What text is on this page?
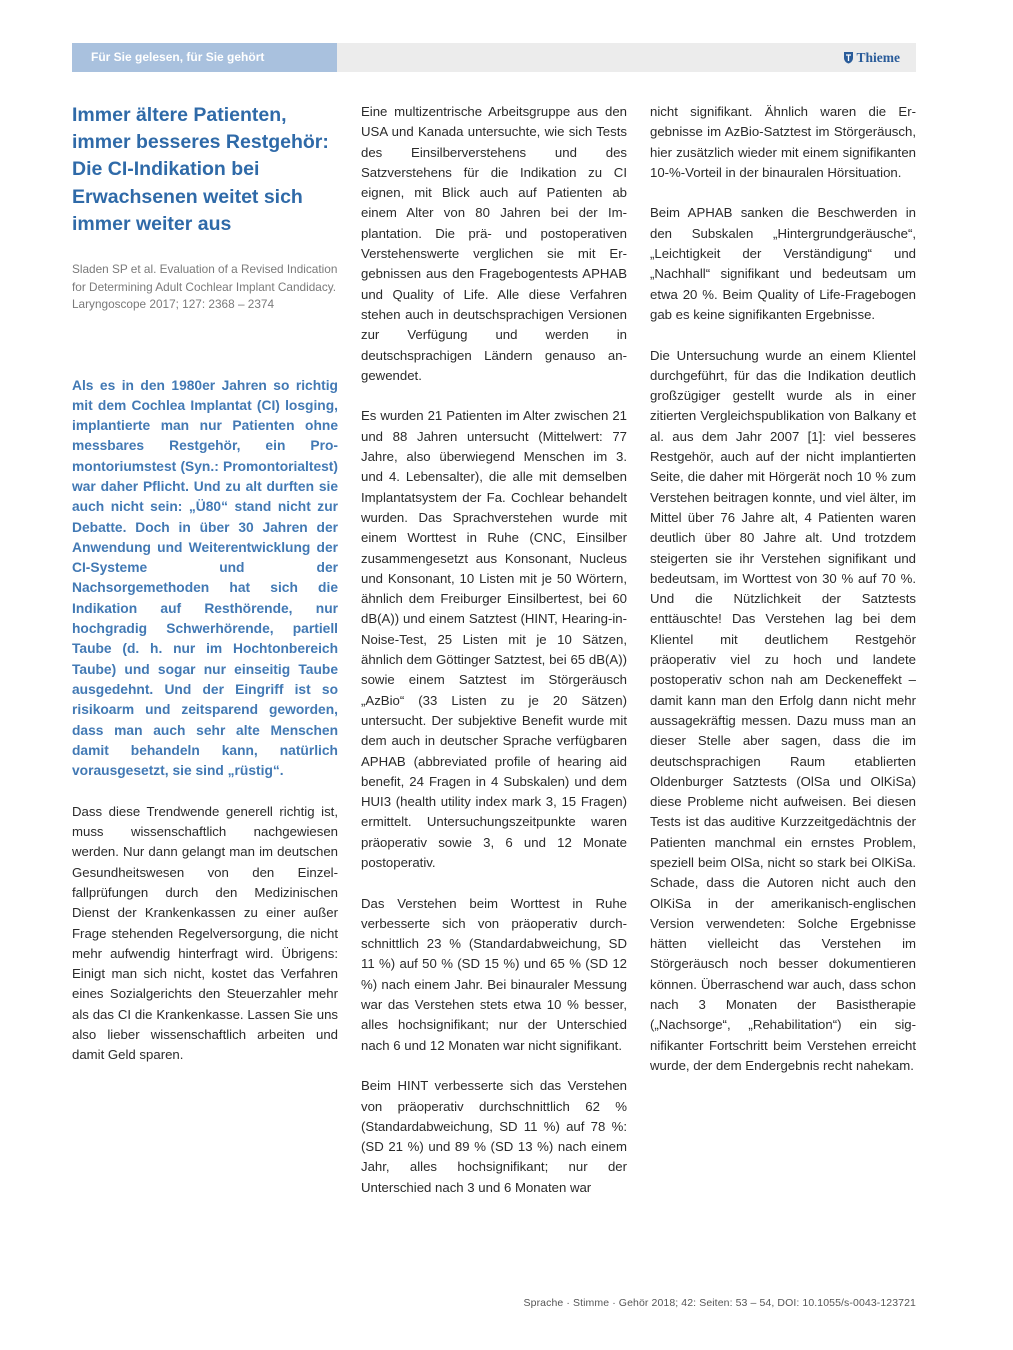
Für Sie gelesen, für Sie gehört	Thieme
Immer ältere Patienten, immer besseres Restgehör: Die CI-Indikation bei Erwachsenen weitet sich immer weiter aus
Sladen SP et al. Evaluation of a Revised Indication for Determining Adult Cochlear Implant Candidacy. Laryngoscope 2017; 127: 2368 – 2374

Als es in den 1980er Jahren so richtig mit dem Cochlea Implantat (CI) losging, implantierte man nur Patienten ohne messbares Restgehör, ein Promontoriumstest (Syn.: Promontorialtest) war daher Pflicht. Und zu alt durften sie auch nicht sein: „Ü80“ stand nicht zur Debatte. Doch in über 30 Jahren der Anwendung und Weiterentwicklung der CI-Systeme und der Nachsorgemethoden hat sich die Indikation auf Resthörende, nur hochgradig Schwerhörende, partiell Taube (d. h. nur im Hochtonbereich Taube) und sogar nur einseitig Taube ausgedehnt. Und der Eingriff ist so risikoarm und zeitsparend geworden, dass man auch sehr alte Menschen damit behandeln kann, natürlich vorausgesetzt, sie sind „rüstig“.

Dass diese Trendwende generell richtig ist, muss wissenschaftlich nachgewiesen werden. Nur dann gelangt man im deutschen Gesundheitswesen von den Einzelfallprüfungen durch den Medizinischen Dienst der Krankenkassen zu einer außer Frage stehenden Regelversorgung, die nicht mehr aufwendig hinterfragt wird. Übrigens: Einigt man sich nicht, kostet das Verfahren eines Sozialgerichts den Steuerzahler mehr als das CI die Krankenkasse. Lassen Sie uns also lieber wissenschaftlich arbeiten und damit Geld sparen.

Eine multizentrische Arbeitsgruppe aus den USA und Kanada untersuchte, wie sich Tests des Einsilberverstehens und des Satzverstehens für die Indikation zu CI eignen, mit Blick auch auf Patienten ab einem Alter von 80 Jahren bei der Implantation. Die prä- und postoperativen Verstehenswerte verglichen sie mit Ergebnissen aus den Fragebogentests APHAB und Quality of Life. Alle diese Verfahren stehen auch in deutschsprachigen Versionen zur Verfügung und werden in deutschsprachigen Ländern genauso angewendet.

Es wurden 21 Patienten im Alter zwischen 21 und 88 Jahren untersucht (Mittelwert: 77 Jahre, also überwiegend Menschen im 3. und 4. Lebensalter), die alle mit demselben Implantatsystem der Fa. Cochlear behandelt wurden. Das Sprachverstehen wurde mit einem Worttest in Ruhe (CNC, Einsilber zusammengesetzt aus Konsonant, Nucleus und Konsonant, 10 Listen mit je 50 Wörtern, ähnlich dem Freiburger Einsilbertest, bei 60 dB(A)) und einem Satztest (HINT, Hearing-in-Noise-Test, 25 Listen mit je 10 Sätzen, ähnlich dem Göttinger Satztest, bei 65 dB(A)) sowie einem Satztest im Störgeräusch „AzBio“ (33 Listen zu je 20 Sätzen) untersucht. Der subjektive Benefit wurde mit dem auch in deutscher Sprache verfügbaren APHAB (abbreviated profile of hearing aid benefit, 24 Fragen in 4 Subskalen) und dem HUI3 (health utility index mark 3, 15 Fragen) ermittelt. Untersuchungszeitpunkte waren präoperativ sowie 3, 6 und 12 Monate postoperativ.

Das Verstehen beim Worttest in Ruhe verbesserte sich von präoperativ durchschnittlich 23 % (Standardabweichung, SD 11 %) auf 50 % (SD 15 %) und 65 % (SD 12 %) nach einem Jahr. Bei binauraler Messung war das Verstehen stets etwa 10 % besser, alles hochsignifikant; nur der Unterschied nach 6 und 12 Monaten war nicht signifikant.

Beim HINT verbesserte sich das Verstehen von präoperativ durchschnittlich 62 % (Standardabweichung, SD 11 %) auf 78 %: (SD 21 %) und 89 % (SD 13 %) nach einem Jahr, alles hochsignifikant; nur der Unterschied nach 3 und 6 Monaten war

nicht signifikant. Ähnlich waren die Ergebnisse im AzBio-Satztest im Störgeräusch, hier zusätzlich wieder mit einem signifikanten 10-%-Vorteil in der binauralen Hörsituation.

Beim APHAB sanken die Beschwerden in den Subskalen „Hintergrundgeräusche“, „Leichtigkeit der Verständigung“ und „Nachhall“ signifikant und bedeutsam um etwa 20 %. Beim Quality of Life-Fragebogen gab es keine signifikanten Ergebnisse.

Die Untersuchung wurde an einem Klientel durchgeführt, für das die Indikation deutlich großzügiger gestellt wurde als in einer zitierten Vergleichspublikation von Balkany et al. aus dem Jahr 2007 [1]: viel besseres Restgehör, auch auf der nicht implantierten Seite, die daher mit Hörgerät noch 10 % zum Verstehen beitragen konnte, und viel älter, im Mittel über 76 Jahre alt, 4 Patienten waren deutlich über 80 Jahre alt. Und trotzdem steigerten sie ihr Verstehen signifikant und bedeutsam, im Worttest von 30 % auf 70 %. Und die Nützlichkeit der Satztests enttäuschte! Das Verstehen lag bei dem Klientel mit deutlichem Restgehör präoperativ viel zu hoch und landete postoperativ schon nah am Deckeneffekt – damit kann man den Erfolg dann nicht mehr aussagekräftig messen. Dazu muss man an dieser Stelle aber sagen, dass die im deutschsprachigen Raum etablierten Oldenburger Satztests (OlSa und OlKiSa) diese Probleme nicht aufweisen. Bei diesen Tests ist das auditive Kurzzeitgedächtnis der Patienten manchmal ein ernstes Problem, speziell beim OlSa, nicht so stark bei OlKiSa. Schade, dass die Autoren nicht auch den OlKiSa in der amerikanisch-englischen Version verwendeten: Solche Ergebnisse hätten vielleicht das Verstehen im Störgeräusch noch besser dokumentieren können. Überraschend war auch, dass schon nach 3 Monaten der Basistherapie („Nachsorge“, „Rehabilitation“) ein signifikanter Fortschritt beim Verstehen erreicht wurde, der dem Endergebnis recht nahekam.

Sprache · Stimme · Gehör 2018; 42: Seiten: 53 – 54, DOI: 10.1055/s-0043-123721
